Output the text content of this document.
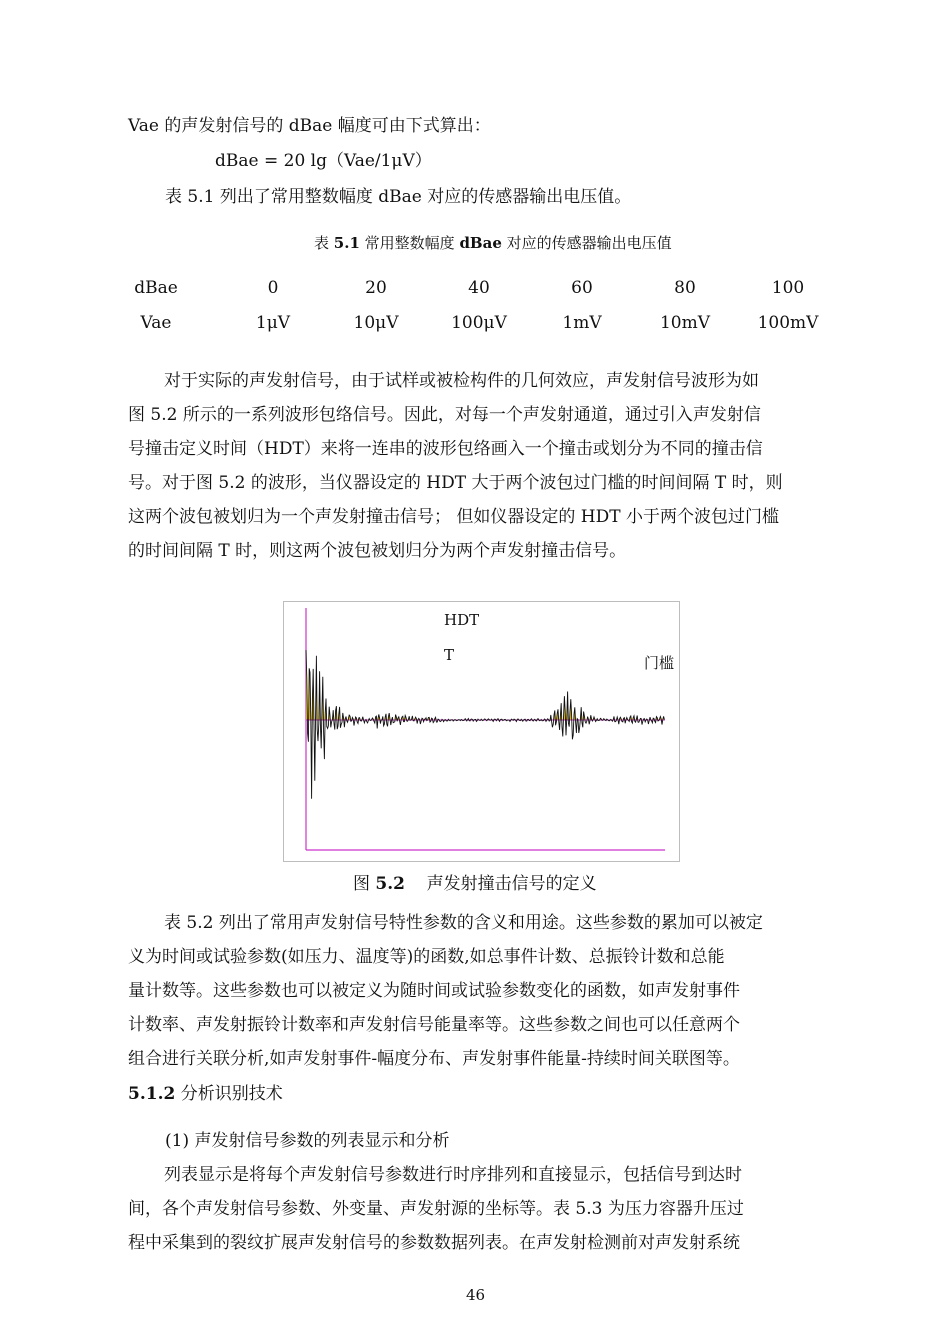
Vae 的声发射信号的 dBae 幅度可由下式算出：
dBae = 20 lg（Vae/1μV）
表 5.1 列出了常用整数幅度 dBae 对应的传感器输出电压值。
表 5.1 常用整数幅度 dBae 对应的传感器输出电压值
dBae	0	20	40	60	80	100
Vae	1μV	10μV	100μV	1mV	10mV	100mV
对于实际的声发射信号，由于试样或被检构件的几何效应，声发射信号波形为如
图 5.2 所示的一系列波形包络信号。因此，对每一个声发射通道，通过引入声发射信
号撞击定义时间（HDT）来将一连串的波形包络画入一个撞击或划分为不同的撞击信
号。对于图 5.2 的波形，当仪器设定的 HDT 大于两个波包过门槛的时间间隔 T 时，则
这两个波包被划归为一个声发射撞击信号； 但如仪器设定的 HDT 小于两个波包过门槛
的时间间隔 T 时，则这两个波包被划归分为两个声发射撞击信号。
HDT
T	门槛
图 5.2    声发射撞击信号的定义
表 5.2 列出了常用声发射信号特性参数的含义和用途。这些参数的累加可以被定
义为时间或试验参数(如压力、温度等)的函数,如总事件计数、总振铃计数和总能
量计数等。这些参数也可以被定义为随时间或试验参数变化的函数，如声发射事件
计数率、声发射振铃计数率和声发射信号能量率等。这些参数之间也可以任意两个
组合进行关联分析,如声发射事件-幅度分布、声发射事件能量-持续时间关联图等。
5.1.2 分析识别技术
(1) 声发射信号参数的列表显示和分析
列表显示是将每个声发射信号参数进行时序排列和直接显示，包括信号到达时
间，各个声发射信号参数、外变量、声发射源的坐标等。表 5.3 为压力容器升压过
程中采集到的裂纹扩展声发射信号的参数数据列表。在声发射检测前对声发射系统
46
